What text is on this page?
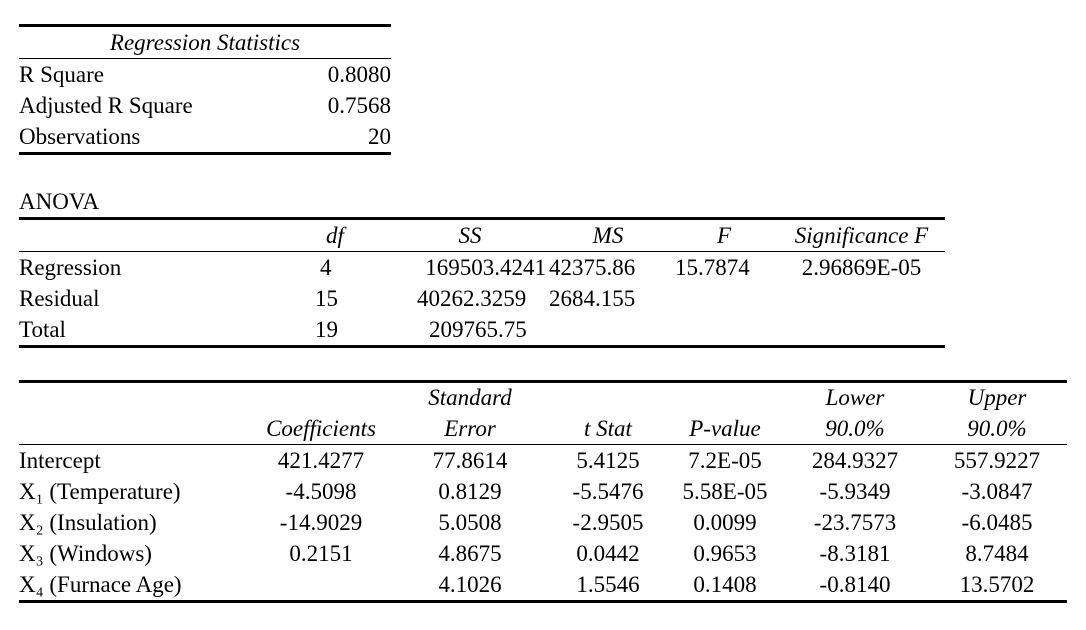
Regression Statistics	
R Square	0.8080
Adjusted R Square	0.7568
Observations	20
ANOVA
	df	SS	MS	F	Significance F
Regression	4	169503.4241	42375.86	15.7874	2.96869E-05
Residual	15	40262.3259	2684.155		
Total	19	209765.75			
		Standard			Lower	Upper
	Coefficients	Error	t Stat	P-value	90.0%	90.0%
Intercept	421.4277	77.8614	5.4125	7.2E-05	284.9327	557.9227
X₁ (Temperature)	-4.5098	0.8129	-5.5476	5.58E-05	-5.9349	-3.0847
X₂ (Insulation)	-14.9029	5.0508	-2.9505	0.0099	-23.7573	-6.0485
X₃ (Windows)	0.2151	4.8675	0.0442	0.9653	-8.3181	8.7484
X₄ (Furnace Age)		4.1026	1.5546	0.1408	-0.8140	13.5702
